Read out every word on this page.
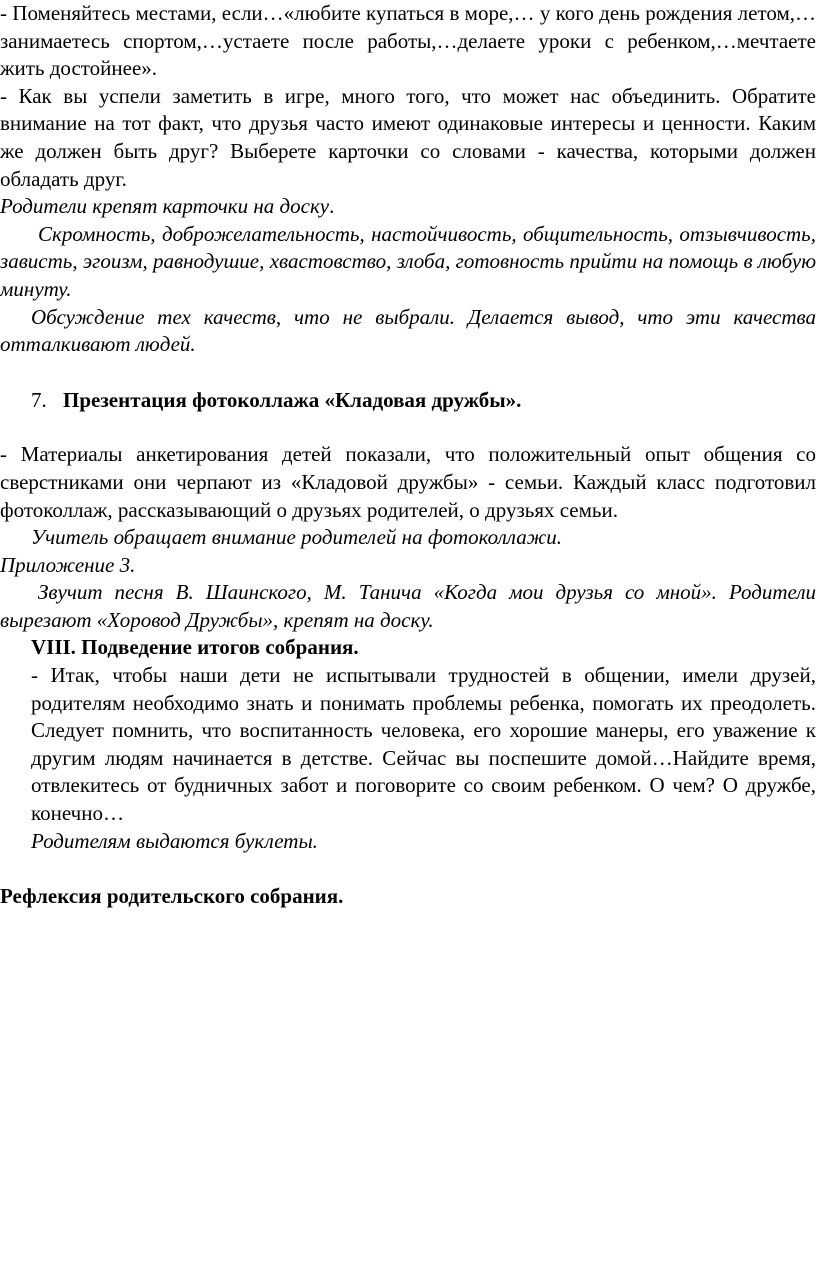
- Поменяйтесь местами, если…«любите купаться в море,… у кого день рождения летом,…занимаетесь спортом,…устаете после работы,…делаете уроки с ребенком,…мечтаете жить достойнее».

- Как вы успели заметить в игре, много того, что может нас объединить. Обратите внимание на тот факт, что друзья часто имеют одинаковые интересы и ценности. Каким же должен быть друг? Выберете карточки со словами - качества, которыми должен обладать друг.

Родители крепят карточки на доску.

Скромность, доброжелательность, настойчивость, общительность, отзывчивость, зависть, эгоизм, равнодушие, хвастовство, злоба, готовность прийти на помощь в любую минуту.

Обсуждение тех качеств, что не выбрали. Делается вывод, что эти качества отталкивают людей.

7. Презентация фотоколлажа «Кладовая дружбы».

- Материалы анкетирования детей показали, что положительный опыт общения со сверстниками они черпают из «Кладовой дружбы» - семьи. Каждый класс подготовил фотоколлаж, рассказывающий о друзьях родителей, о друзьях семьи.

Учитель обращает внимание родителей на фотоколлажи.

Приложение 3.

Звучит песня В. Шаинского, М. Танича «Когда мои друзья со мной». Родители вырезают «Хоровод Дружбы», крепят на доску.

VIII. Подведение итогов собрания.

- Итак, чтобы наши дети не испытывали трудностей в общении, имели друзей, родителям необходимо знать и понимать проблемы ребенка, помогать их преодолеть. Следует помнить, что воспитанность человека, его хорошие манеры, его уважение к другим людям начинается в детстве. Сейчас вы поспешите домой…Найдите время, отвлекитесь от будничных забот и поговорите со своим ребенком. О чем? О дружбе, конечно…

Родителям выдаются буклеты.

Рефлексия родительского собрания.
